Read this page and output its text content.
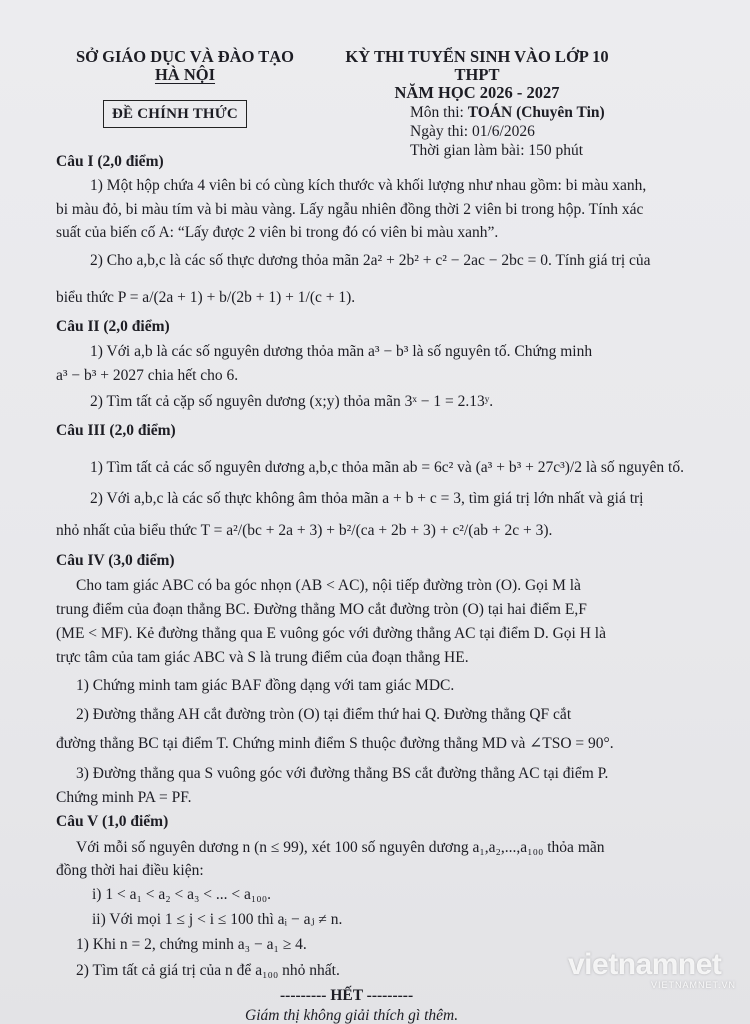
SỞ GIÁO DỤC VÀ ĐÀO TẠO
HÀ NỘI
ĐỀ CHÍNH THỨC
KỲ THI TUYỂN SINH VÀO LỚP 10 THPT
NĂM HỌC 2026 - 2027
Môn thi: TOÁN (Chuyên Tin)
Ngày thi: 01/6/2026
Thời gian làm bài: 150 phút
Câu I (2,0 điểm)
1) Một hộp chứa 4 viên bi có cùng kích thước và khối lượng như nhau gồm: bi màu xanh,
bi màu đỏ, bi màu tím và bi màu vàng. Lấy ngẫu nhiên đồng thời 2 viên bi trong hộp. Tính xác
suất của biến cố A: “Lấy được 2 viên bi trong đó có viên bi màu xanh”.
2) Cho a,b,c là các số thực dương thỏa mãn 2a² + 2b² + c² − 2ac − 2bc = 0. Tính giá trị của
biểu thức P = a/(2a + 1) + b/(2b + 1) + 1/(c + 1).
Câu II (2,0 điểm)
1) Với a,b là các số nguyên dương thỏa mãn a³ − b³ là số nguyên tố. Chứng minh
a³ − b³ + 2027 chia hết cho 6.
2) Tìm tất cả cặp số nguyên dương (x;y) thỏa mãn 3ˣ − 1 = 2.13ʸ.
Câu III (2,0 điểm)
1) Tìm tất cả các số nguyên dương a,b,c thỏa mãn ab = 6c² và (a³ + b³ + 27c³)/2 là số nguyên tố.
2) Với a,b,c là các số thực không âm thỏa mãn a + b + c = 3, tìm giá trị lớn nhất và giá trị
nhỏ nhất của biểu thức T = a²/(bc + 2a + 3) + b²/(ca + 2b + 3) + c²/(ab + 2c + 3).
Câu IV (3,0 điểm)
Cho tam giác ABC có ba góc nhọn (AB < AC), nội tiếp đường tròn (O). Gọi M là
trung điểm của đoạn thẳng BC. Đường thẳng MO cắt đường tròn (O) tại hai điểm E,F
(ME < MF). Kẻ đường thẳng qua E vuông góc với đường thẳng AC tại điểm D. Gọi H là
trực tâm của tam giác ABC và S là trung điểm của đoạn thẳng HE.
1) Chứng minh tam giác BAF đồng dạng với tam giác MDC.
2) Đường thẳng AH cắt đường tròn (O) tại điểm thứ hai Q. Đường thẳng QF cắt
đường thẳng BC tại điểm T. Chứng minh điểm S thuộc đường thẳng MD và ∠TSO = 90°.
3) Đường thẳng qua S vuông góc với đường thẳng BS cắt đường thẳng AC tại điểm P.
Chứng minh PA = PF.
Câu V (1,0 điểm)
Với mỗi số nguyên dương n (n ≤ 99), xét 100 số nguyên dương a₁,a₂,...,a₁₀₀ thỏa mãn
đồng thời hai điều kiện:
i) 1 < a₁ < a₂ < a₃ < ... < a₁₀₀.
ii) Với mọi 1 ≤ j < i ≤ 100 thì aᵢ − aⱼ ≠ n.
1) Khi n = 2, chứng minh a₃ − a₁ ≥ 4.
2) Tìm tất cả giá trị của n để a₁₀₀ nhỏ nhất.
--------- HẾT ---------
Giám thị không giải thích gì thêm.
vietnamnet
VIETNAMNET.VN
